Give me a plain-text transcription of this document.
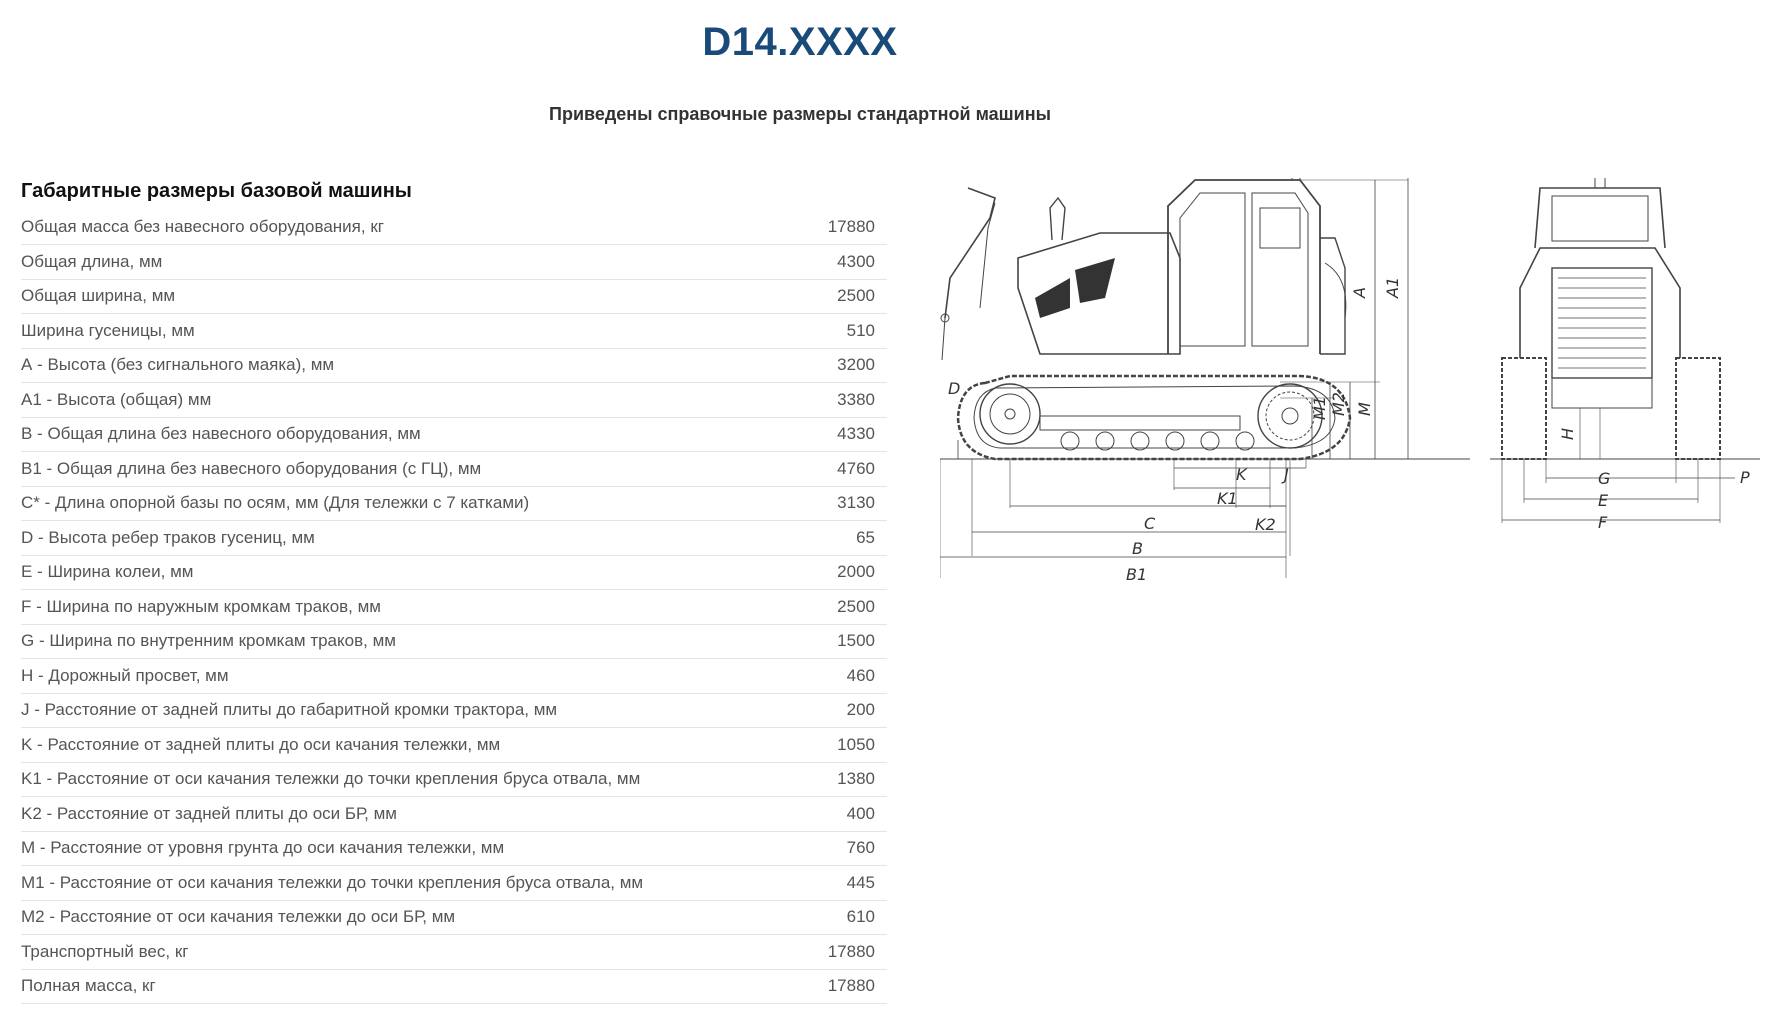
D14.XXXX

Приведены справочные размеры стандартной машины

Габаритные размеры базовой машины
Общая масса без навесного оборудования, кг	17880
Общая длина, мм	4300
Общая ширина, мм	2500
Ширина гусеницы, мм	510
А - Высота (без сигнального маяка), мм	3200
А1 - Высота (общая) мм	3380
В - Общая длина без навесного оборудования, мм	4330
В1 - Общая длина без навесного оборудования (с ГЦ), мм	4760
С* - Длина опорной базы по осям, мм (Для тележки с 7 катками)	3130
D - Высота ребер траков гусениц, мм	65
E - Ширина колеи, мм	2000
F - Ширина по наружным кромкам траков, мм	2500
G - Ширина по внутренним кромкам траков, мм	1500
H - Дорожный просвет, мм	460
J - Расстояние от задней плиты до габаритной кромки трактора, мм	200
K - Расстояние от задней плиты до оси качания тележки, мм	1050
K1 - Расстояние от оси качания тележки до точки крепления бруса отвала, мм	1380
K2 - Расстояние от задней плиты до оси БР, мм	400
M - Расстояние от уровня грунта до оси качания тележки, мм	760
M1 - Расстояние от оси качания тележки до точки крепления бруса отвала, мм	445
M2 - Расстояние от оси качания тележки до оси БР, мм	610
Транспортный вес, кг	17880
Полная масса, кг	17880
A A1
M
M2
M1
D
K
K1
J
K2
C
B
B1
G
E
F
H
P
